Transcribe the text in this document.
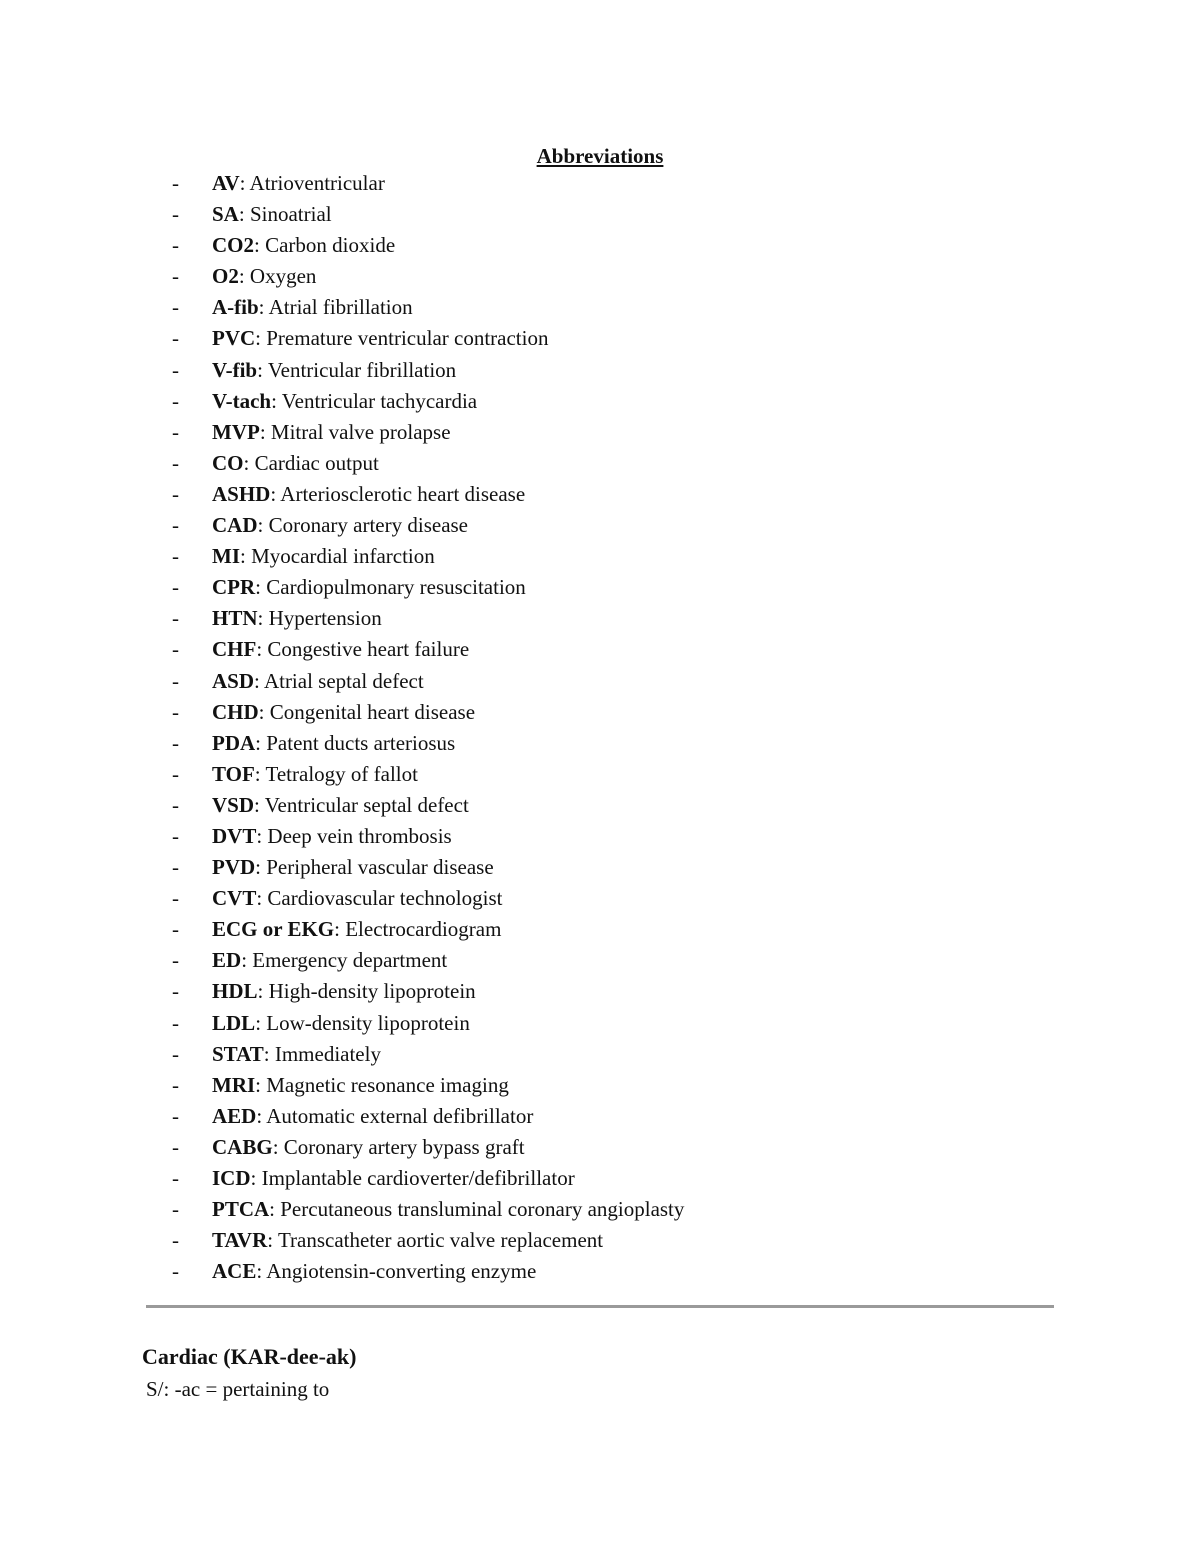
Abbreviations
- AV: Atrioventricular
- SA: Sinoatrial
- CO2: Carbon dioxide
- O2: Oxygen
- A-fib: Atrial fibrillation
- PVC: Premature ventricular contraction
- V-fib: Ventricular fibrillation
- V-tach: Ventricular tachycardia
- MVP: Mitral valve prolapse
- CO: Cardiac output
- ASHD: Arteriosclerotic heart disease
- CAD: Coronary artery disease
- MI: Myocardial infarction
- CPR: Cardiopulmonary resuscitation
- HTN: Hypertension
- CHF: Congestive heart failure
- ASD: Atrial septal defect
- CHD: Congenital heart disease
- PDA: Patent ducts arteriosus
- TOF: Tetralogy of fallot
- VSD: Ventricular septal defect
- DVT: Deep vein thrombosis
- PVD: Peripheral vascular disease
- CVT: Cardiovascular technologist
- ECG or EKG: Electrocardiogram
- ED: Emergency department
- HDL: High-density lipoprotein
- LDL: Low-density lipoprotein
- STAT: Immediately
- MRI: Magnetic resonance imaging
- AED: Automatic external defibrillator
- CABG: Coronary artery bypass graft
- ICD: Implantable cardioverter/defibrillator
- PTCA: Percutaneous transluminal coronary angioplasty
- TAVR: Transcatheter aortic valve replacement
- ACE: Angiotensin-converting enzyme
Cardiac (KAR-dee-ak)
S/: -ac = pertaining to
